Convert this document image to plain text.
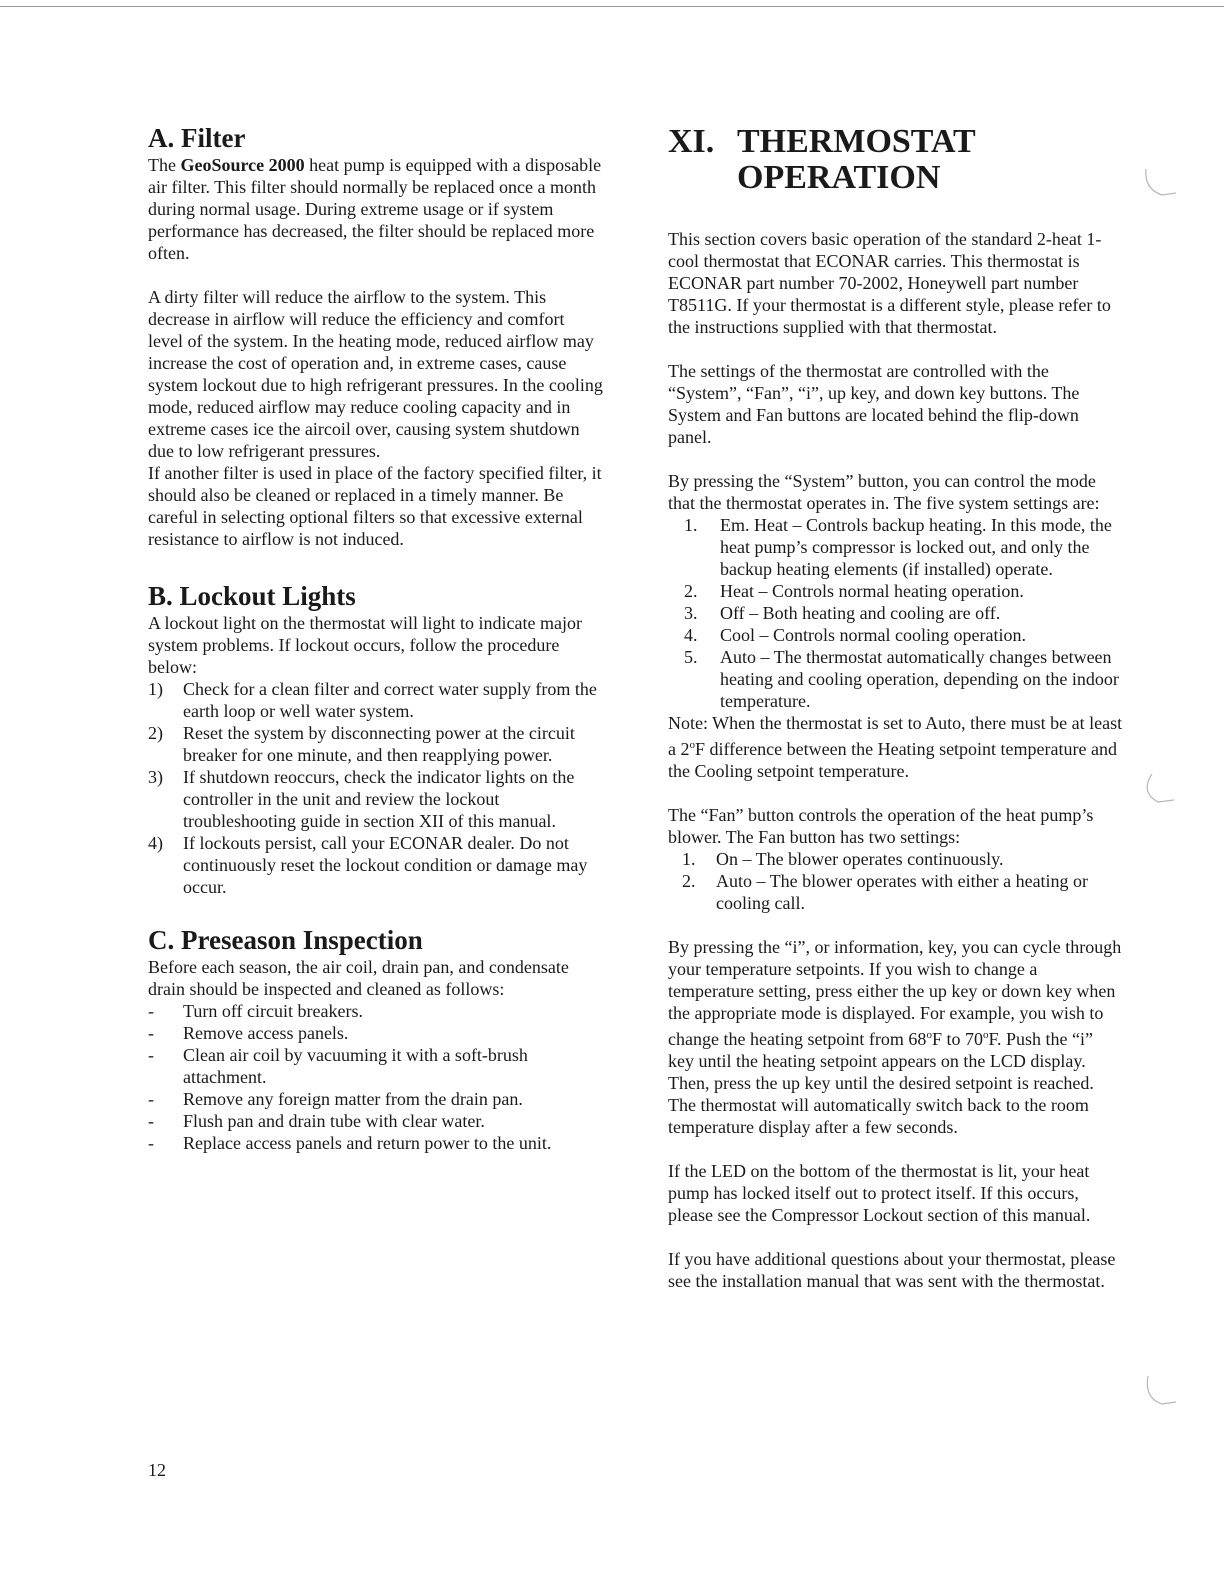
A. Filter

The GeoSource 2000 heat pump is equipped with a disposable air filter. This filter should normally be replaced once a month during normal usage. During extreme usage or if system performance has decreased, the filter should be replaced more often.

A dirty filter will reduce the airflow to the system. This decrease in airflow will reduce the efficiency and comfort level of the system. In the heating mode, reduced airflow may increase the cost of operation and, in extreme cases, cause system lockout due to high refrigerant pressures. In the cooling mode, reduced airflow may reduce cooling capacity and in extreme cases ice the aircoil over, causing system shutdown due to low refrigerant pressures.

If another filter is used in place of the factory specified filter, it should also be cleaned or replaced in a timely manner. Be careful in selecting optional filters so that excessive external resistance to airflow is not induced.

B. Lockout Lights

A lockout light on the thermostat will light to indicate major system problems. If lockout occurs, follow the procedure below:

1) Check for a clean filter and correct water supply from the earth loop or well water system.
2) Reset the system by disconnecting power at the circuit breaker for one minute, and then reapplying power.
3) If shutdown reoccurs, check the indicator lights on the controller in the unit and review the lockout troubleshooting guide in section XII of this manual.
4) If lockouts persist, call your ECONAR dealer. Do not continuously reset the lockout condition or damage may occur.
C. Preseason Inspection

Before each season, the air coil, drain pan, and condensate drain should be inspected and cleaned as follows:

- Turn off circuit breakers.
- Remove access panels.
- Clean air coil by vacuuming it with a soft-brush attachment.
- Remove any foreign matter from the drain pan.
- Flush pan and drain tube with clear water.
- Replace access panels and return power to the unit.
XI. THERMOSTAT
OPERATION

This section covers basic operation of the standard 2-heat 1-cool thermostat that ECONAR carries. This thermostat is ECONAR part number 70-2002, Honeywell part number T8511G. If your thermostat is a different style, please refer to the instructions supplied with that thermostat.

The settings of the thermostat are controlled with the “System”, “Fan”, “i”, up key, and down key buttons. The System and Fan buttons are located behind the flip-down panel.

By pressing the “System” button, you can control the mode that the thermostat operates in. The five system settings are:

1. Em. Heat – Controls backup heating. In this mode, the heat pump’s compressor is locked out, and only the backup heating elements (if installed) operate.
2. Heat – Controls normal heating operation.
3. Off – Both heating and cooling are off.
4. Cool – Controls normal cooling operation.
5. Auto – The thermostat automatically changes between heating and cooling operation, depending on the indoor temperature.

Note: When the thermostat is set to Auto, there must be at least a 2$^o$F difference between the Heating setpoint temperature and the Cooling setpoint temperature.

The “Fan” button controls the operation of the heat pump’s blower. The Fan button has two settings:

1. On – The blower operates continuously.
2. Auto – The blower operates with either a heating or cooling call.

By pressing the “i”, or information, key, you can cycle through your temperature setpoints. If you wish to change a temperature setting, press either the up key or down key when the appropriate mode is displayed. For example, you wish to change the heating setpoint from 68$^o$F to 70$^o$F. Push the “i” key until the heating setpoint appears on the LCD display. Then, press the up key until the desired setpoint is reached. The thermostat will automatically switch back to the room temperature display after a few seconds.

If the LED on the bottom of the thermostat is lit, your heat pump has locked itself out to protect itself. If this occurs, please see the Compressor Lockout section of this manual.

If you have additional questions about your thermostat, please see the installation manual that was sent with the thermostat.

12
